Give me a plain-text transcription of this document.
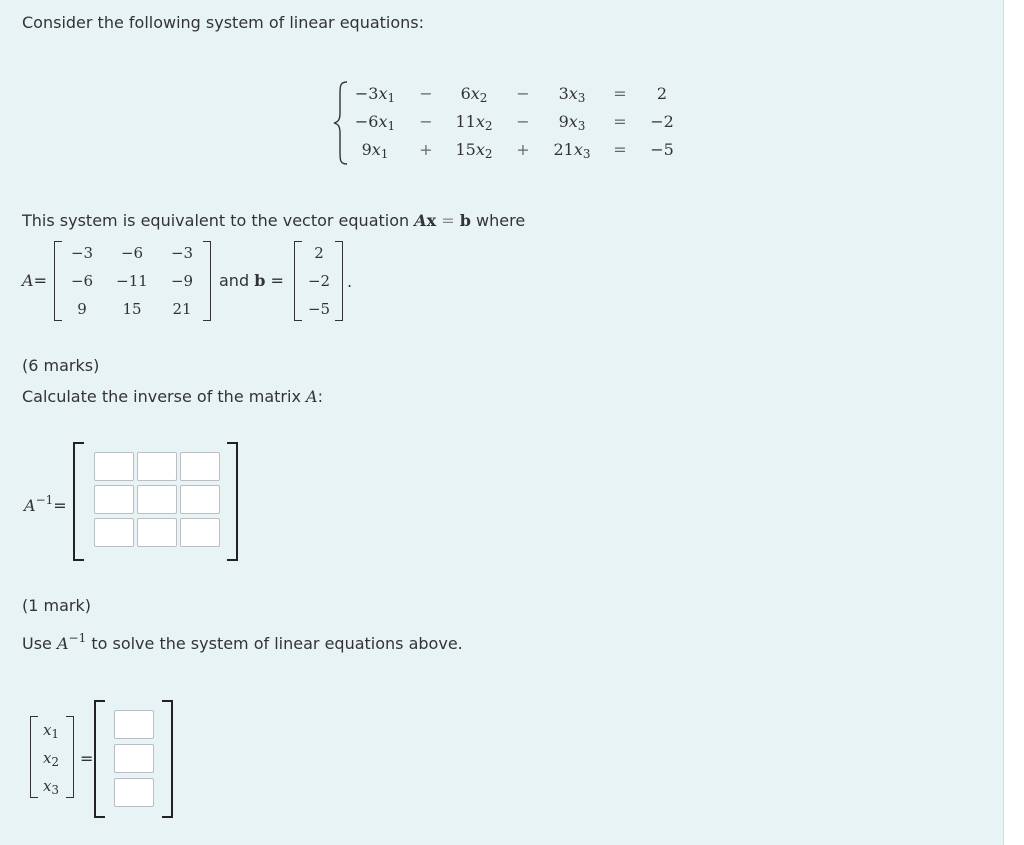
Consider the following system of linear equations:
$-3x_1 - 6x_2 - 3x_3 = 2$
$-6x_1 - 11x_2 - 9x_3 = -2$
$9x_1 + 15x_2 + 21x_3 = -5$
This system is equivalent to the vector equation Ax = b where
A=
−3 −6 −3
−6 −11 −9
9 15 21
and b =
2
−2
−5
.
(6 marks)
Calculate the inverse of the matrix A:
$A^{-1}=$
(1 mark)
Use $A^{-1}$ to solve the system of linear equations above.
$x_1$
$x_2$
$x_3$
=
